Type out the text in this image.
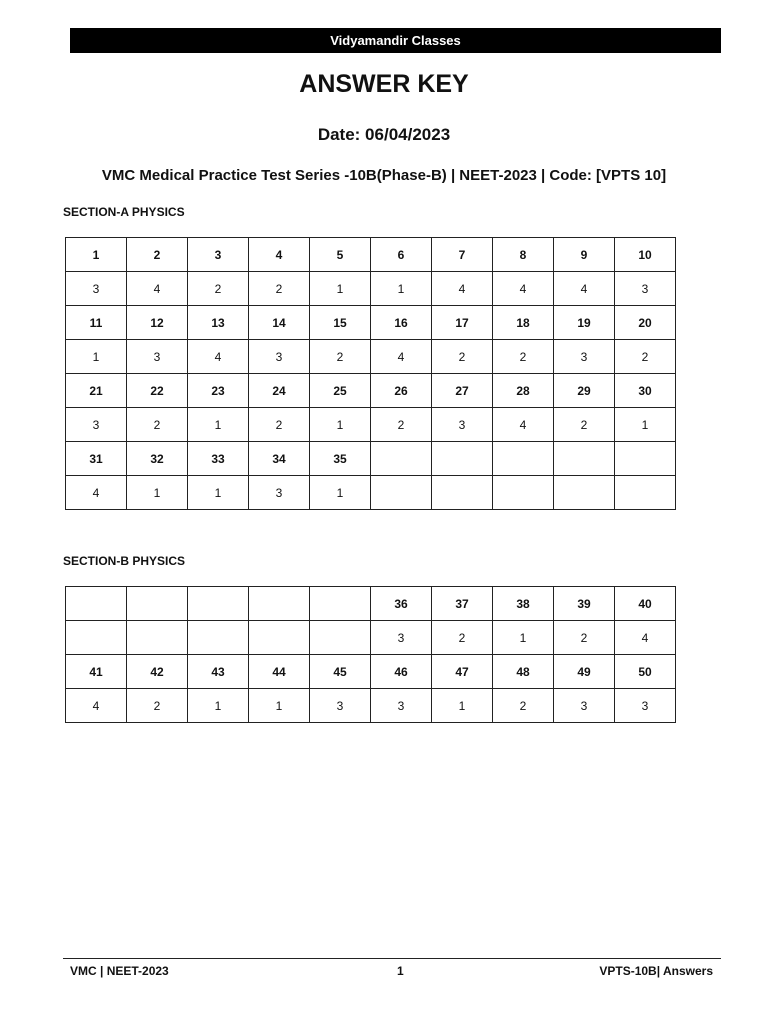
Vidyamandir Classes
ANSWER KEY
Date: 06/04/2023
VMC Medical Practice Test Series -10B(Phase-B) | NEET-2023 | Code: [VPTS 10]
SECTION-A PHYSICS
1	2	3	4	5	6	7	8	9	10
3	4	2	2	1	1	4	4	4	3
11	12	13	14	15	16	17	18	19	20
1	3	4	3	2	4	2	2	3	2
21	22	23	24	25	26	27	28	29	30
3	2	1	2	1	2	3	4	2	1
31	32	33	34	35					
4	1	1	3	1					
SECTION-B PHYSICS
					36	37	38	39	40
					3	2	1	2	4
41	42	43	44	45	46	47	48	49	50
4	2	1	1	3	3	1	2	3	3
VMC | NEET-2023	1	VPTS-10B| Answers
